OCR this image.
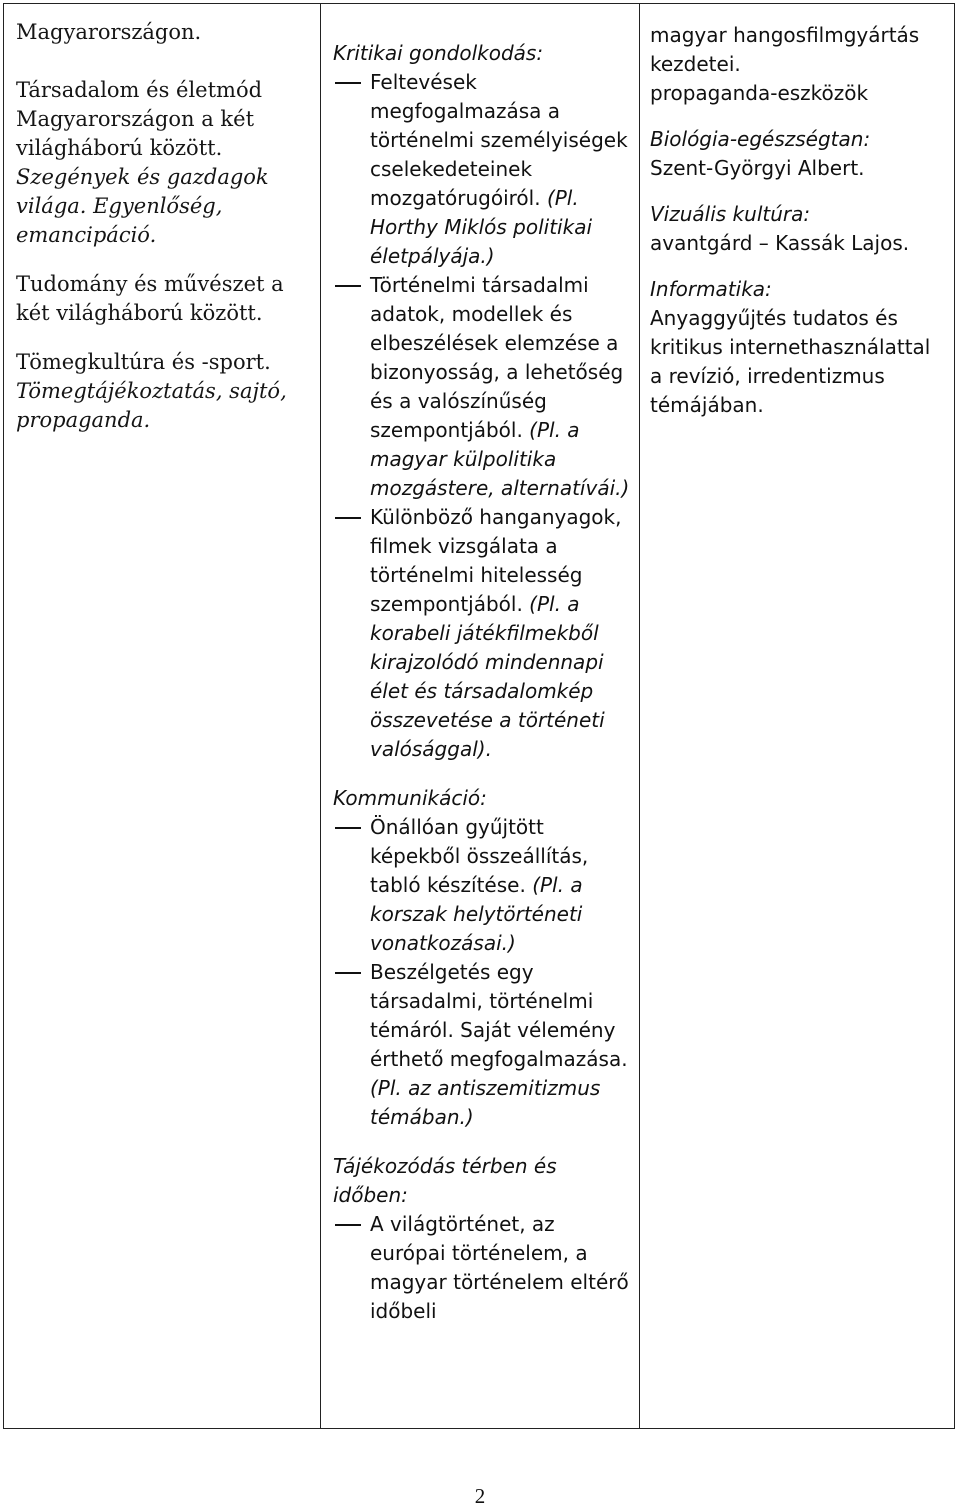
Magyarországon.

Társadalom és életmód Magyarországon a két világháború között. Szegények és gazdagok világa. Egyenlőség, emancipáció.

Tudomány és művészet a két világháború között.

Tömegkultúra és -sport. Tömegtájékoztatás, sajtó, propaganda.

Kritikai gondolkodás:
Feltevések megfogalmazása a történelmi személyiségek cselekedeteinek mozgatórugóiról. (Pl. Horthy Miklós politikai életpályája.)
Történelmi társadalmi adatok, modellek és elbeszélések elemzése a bizonyosság, a lehetőség és a valószínűség szempontjából. (Pl. a magyar külpolitika mozgástere, alternatívái.)
Különböző hanganyagok, filmek vizsgálata a történelmi hitelesség szempontjából. (Pl. a korabeli játékfilmekből kirajzolódó mindennapi élet és társadalomkép összevetése a történeti valósággal).
Kommunikáció:
Önállóan gyűjtött képekből összeállítás, tabló készítése. (Pl. a korszak helytörténeti vonatkozásai.)
Beszélgetés egy társadalmi, történelmi témáról. Saját vélemény érthető megfogalmazása. (Pl. az antiszemitizmus témában.)
Tájékozódás térben és időben:
A világtörténet, az európai történelem, a magyar történelem eltérő időbeli

magyar hangosfilmgyártás kezdetei.
propaganda-eszközök

Biológia-egészségtan:
Szent-Györgyi Albert.

Vizuális kultúra:
avantgárd – Kassák Lajos.

Informatika:
Anyaggyűjtés tudatos és kritikus internethasználattal a revízió, irredentizmus témájában.

2
